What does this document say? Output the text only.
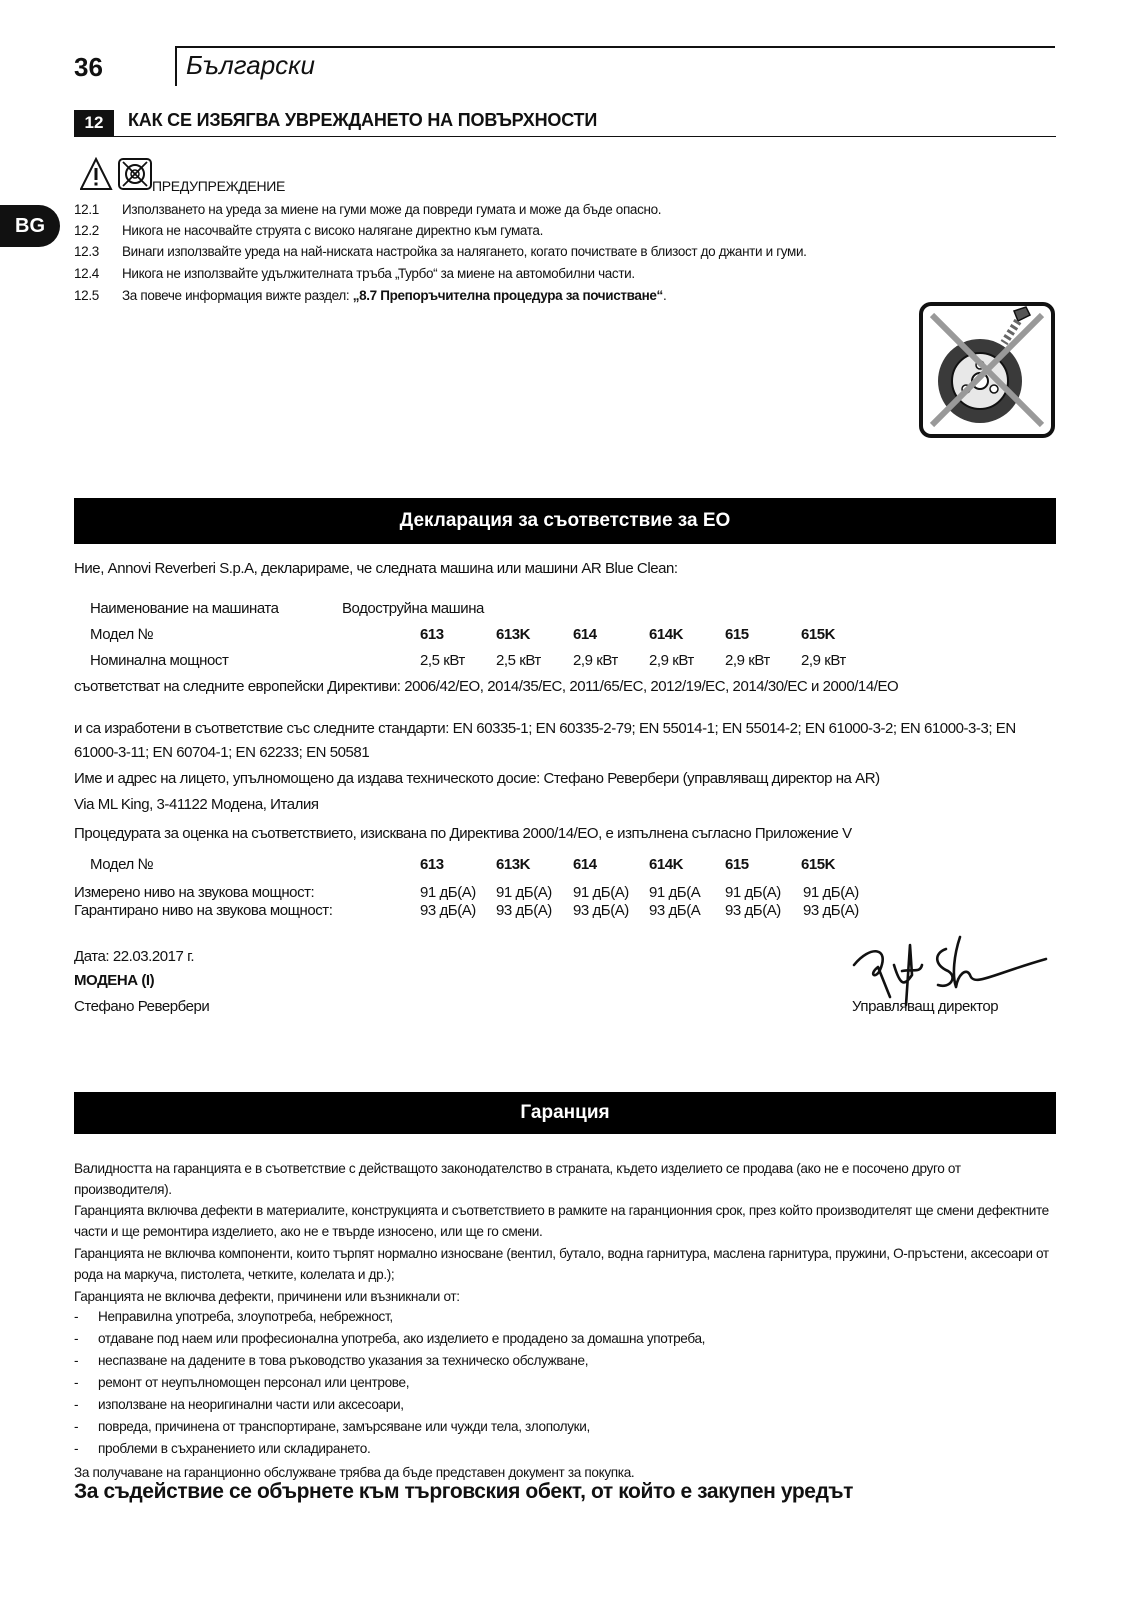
36	Български
BG
12	КАК СЕ ИЗБЯГВА УВРЕЖДАНЕТО НА ПОВЪРХНОСТИ
ПРЕДУПРЕЖДЕНИЕ
12.1 Използването на уреда за миене на гуми може да повреди гумата и може да бъде опасно.
12.2 Никога не насочвайте струята с високо налягане директно към гумата.
12.3 Винаги използвайте уреда на най-ниската настройка за налягането, когато почиствате в близост до джанти и гуми.
12.4 Никога не използвайте удължителната тръба „Турбо“ за миене на автомобилни части.
12.5 За повече информация вижте раздел: „8.7 Препоръчителна процедура за почистване“.
Декларация за съответствие за ЕО
Ние, Annovi Reverberi S.p.A, декларираме, че следната машина или машини AR Blue Clean:
Наименование на машината	Водоструйна машина
Модел №	613	613K	614	614K	615	615K
Номинална мощност	2,5 кВт 2,5 кВт 2,9 кВт 2,9 кВт 2,9 кВт 2,9 кВт
съответстват на следните европейски Директиви: 2006/42/ЕО, 2014/35/ЕС, 2011/65/ЕС, 2012/19/ЕС, 2014/30/ЕС и 2000/14/ЕО
и са изработени в съответствие със следните стандарти: EN 60335-1; EN 60335-2-79; EN 55014-1; EN 55014-2; EN 61000-3-2; EN 61000-3-3; EN
61000-3-11; EN 60704-1; EN 62233; EN 50581
Име и адрес на лицето, упълномощено да издава техническото досие: Стефано Ревербери (управляващ директор на AR)
Via ML King, 3-41122 Модена, Италия
Процедурата за оценка на съответствието, изисквана по Директива 2000/14/ЕО, е изпълнена съгласно Приложение V
Модел №	613	613K	614	614K	615	615K
Измерено ниво на звукова мощност:	91 дБ(А) 91 дБ(А) 91 дБ(А) 91 дБ(А 91 дБ(А) 91 дБ(А)
Гарантирано ниво на звукова мощност:	93 дБ(А) 93 дБ(А) 93 дБ(А) 93 дБ(А 93 дБ(А) 93 дБ(А)
Дата: 22.03.2017 г.
МОДЕНА (I)
Стефано Ревербери	Управляващ директор
Гаранция
Валидността на гаранцията е в съответствие с действащото законодателство в страната, където изделието се продава (ако не е посочено друго от производителя).
Гаранцията включва дефекти в материалите, конструкцията и съответствието в рамките на гаранционния срок, през който производителят ще смени дефектните части и ще ремонтира изделието, ако не е твърде износено, или ще го смени.
Гаранцията не включва компоненти, които търпят нормално износване (вентил, бутало, водна гарнитура, маслена гарнитура, пружини, О-пръстени, аксесоари от рода на маркуча, пистолета, четките, колелата и др.);
Гаранцията не включва дефекти, причинени или възникнали от:
- Неправилна употреба, злоупотреба, небрежност,
- отдаване под наем или професионална употреба, ако изделието е продадено за домашна употреба,
- неспазване на дадените в това ръководство указания за техническо обслужване,
- ремонт от неупълномощен персонал или центрове,
- използване на неоригинални части или аксесоари,
- повреда, причинена от транспортиране, замърсяване или чужди тела, злополуки,
- проблеми в съхранението или складирането.
За получаване на гаранционно обслужване трябва да бъде представен документ за покупка.
За съдействие се обърнете към търговския обект, от който е закупен уредът
